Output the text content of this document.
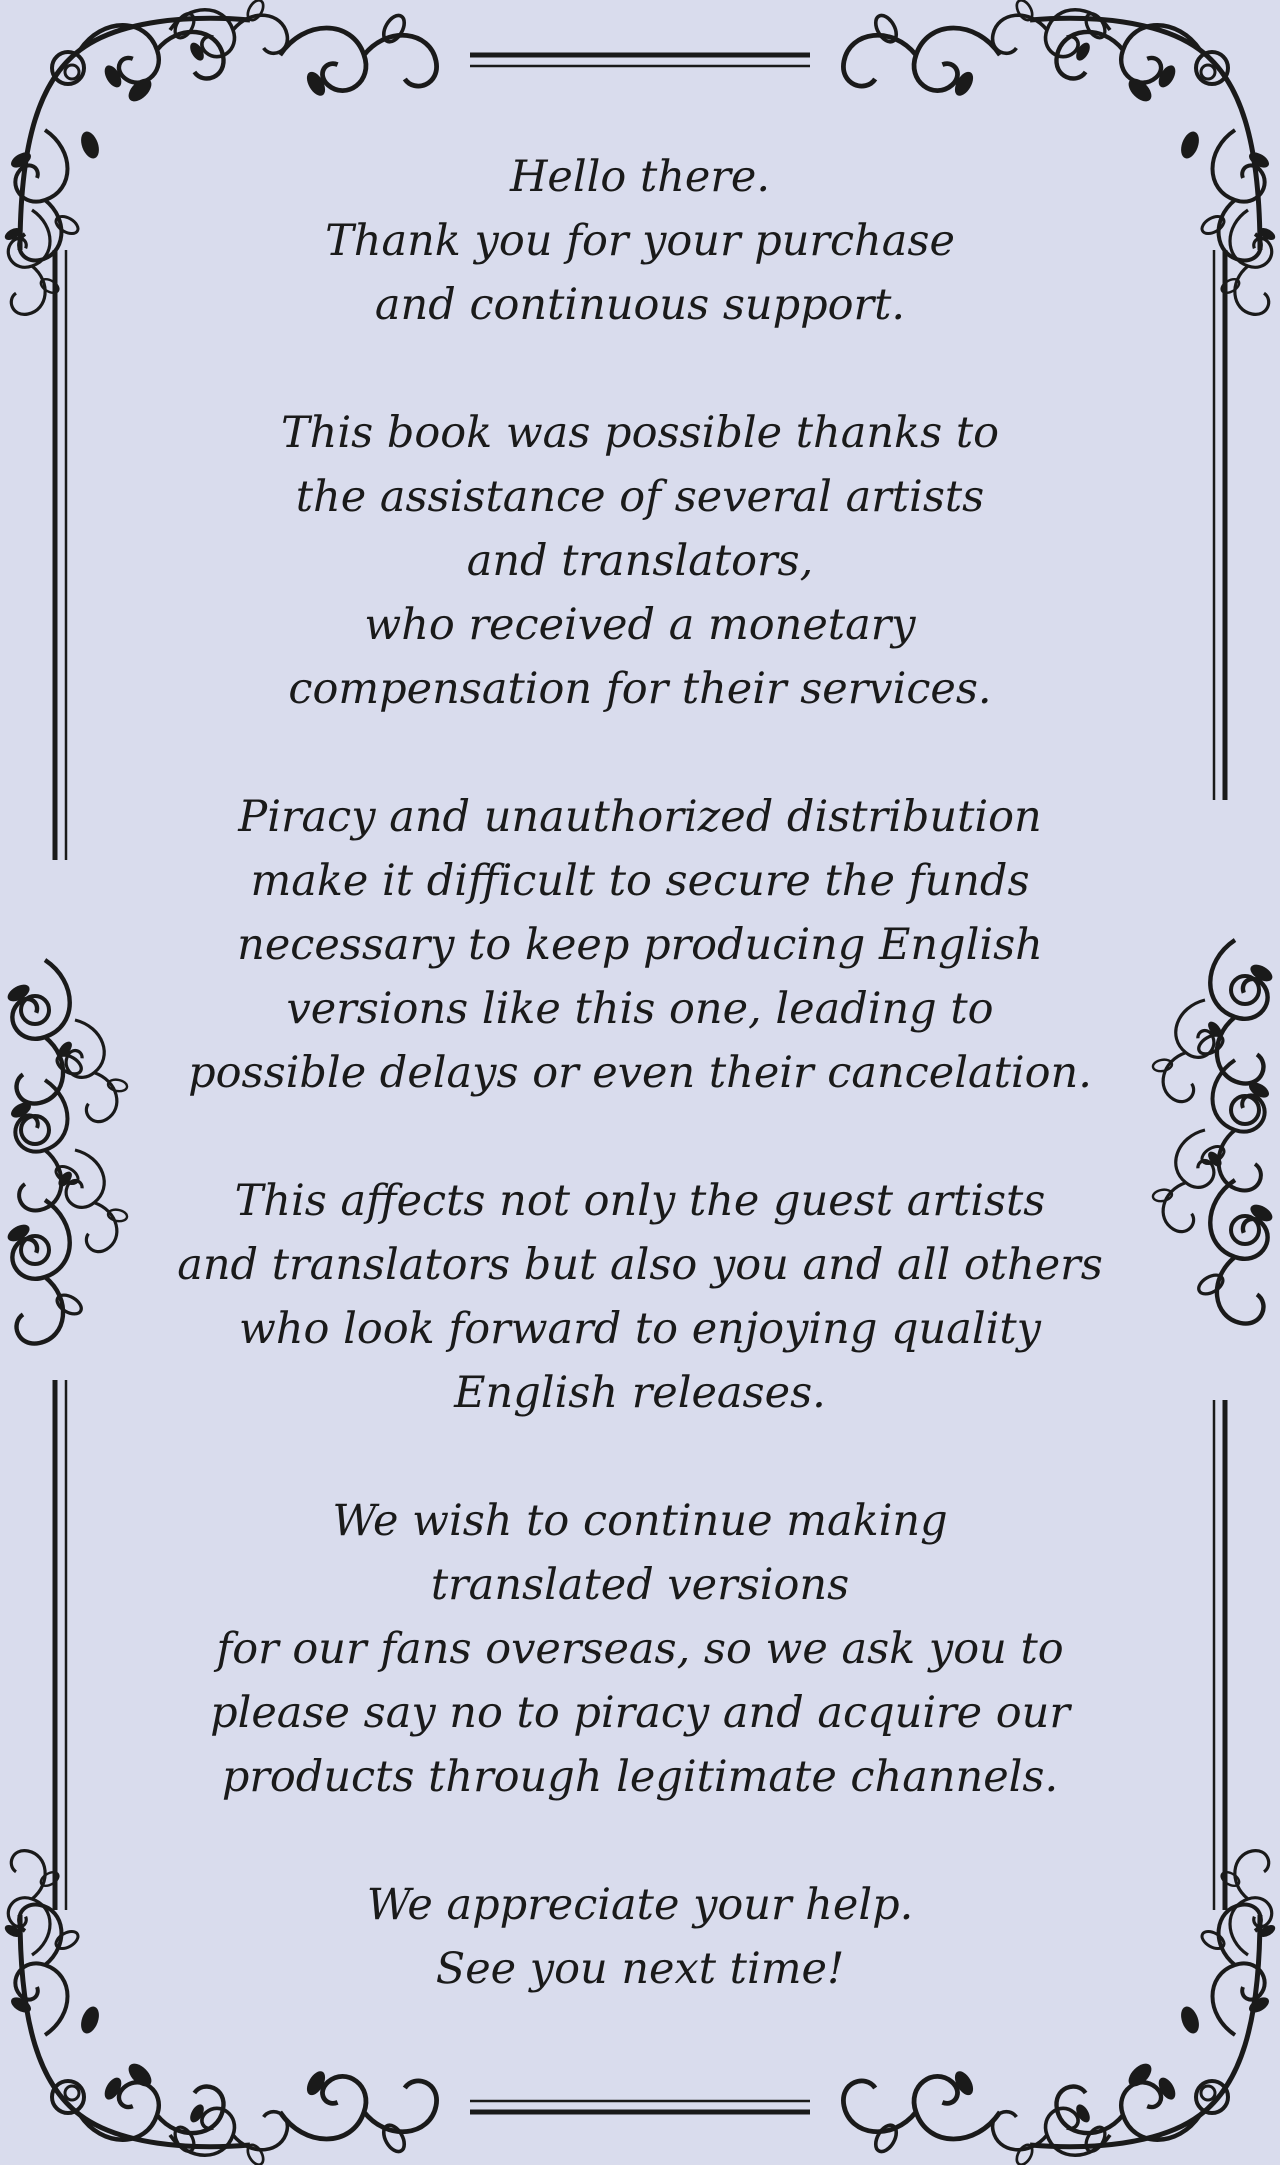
Hello there.
Thank you for your purchase
and continuous support.
This book was possible thanks to
the assistance of several artists
and translators,
who received a monetary
compensation for their services.
Piracy and unauthorized distribution
make it difficult to secure the funds
necessary to keep producing English
versions like this one, leading to
possible delays or even their cancelation.
This affects not only the guest artists
and translators but also you and all others
who look forward to enjoying quality
English releases.
We wish to continue making
translated versions
for our fans overseas, so we ask you to
please say no to piracy and acquire our
products through legitimate channels.
We appreciate your help.
See you next time!
